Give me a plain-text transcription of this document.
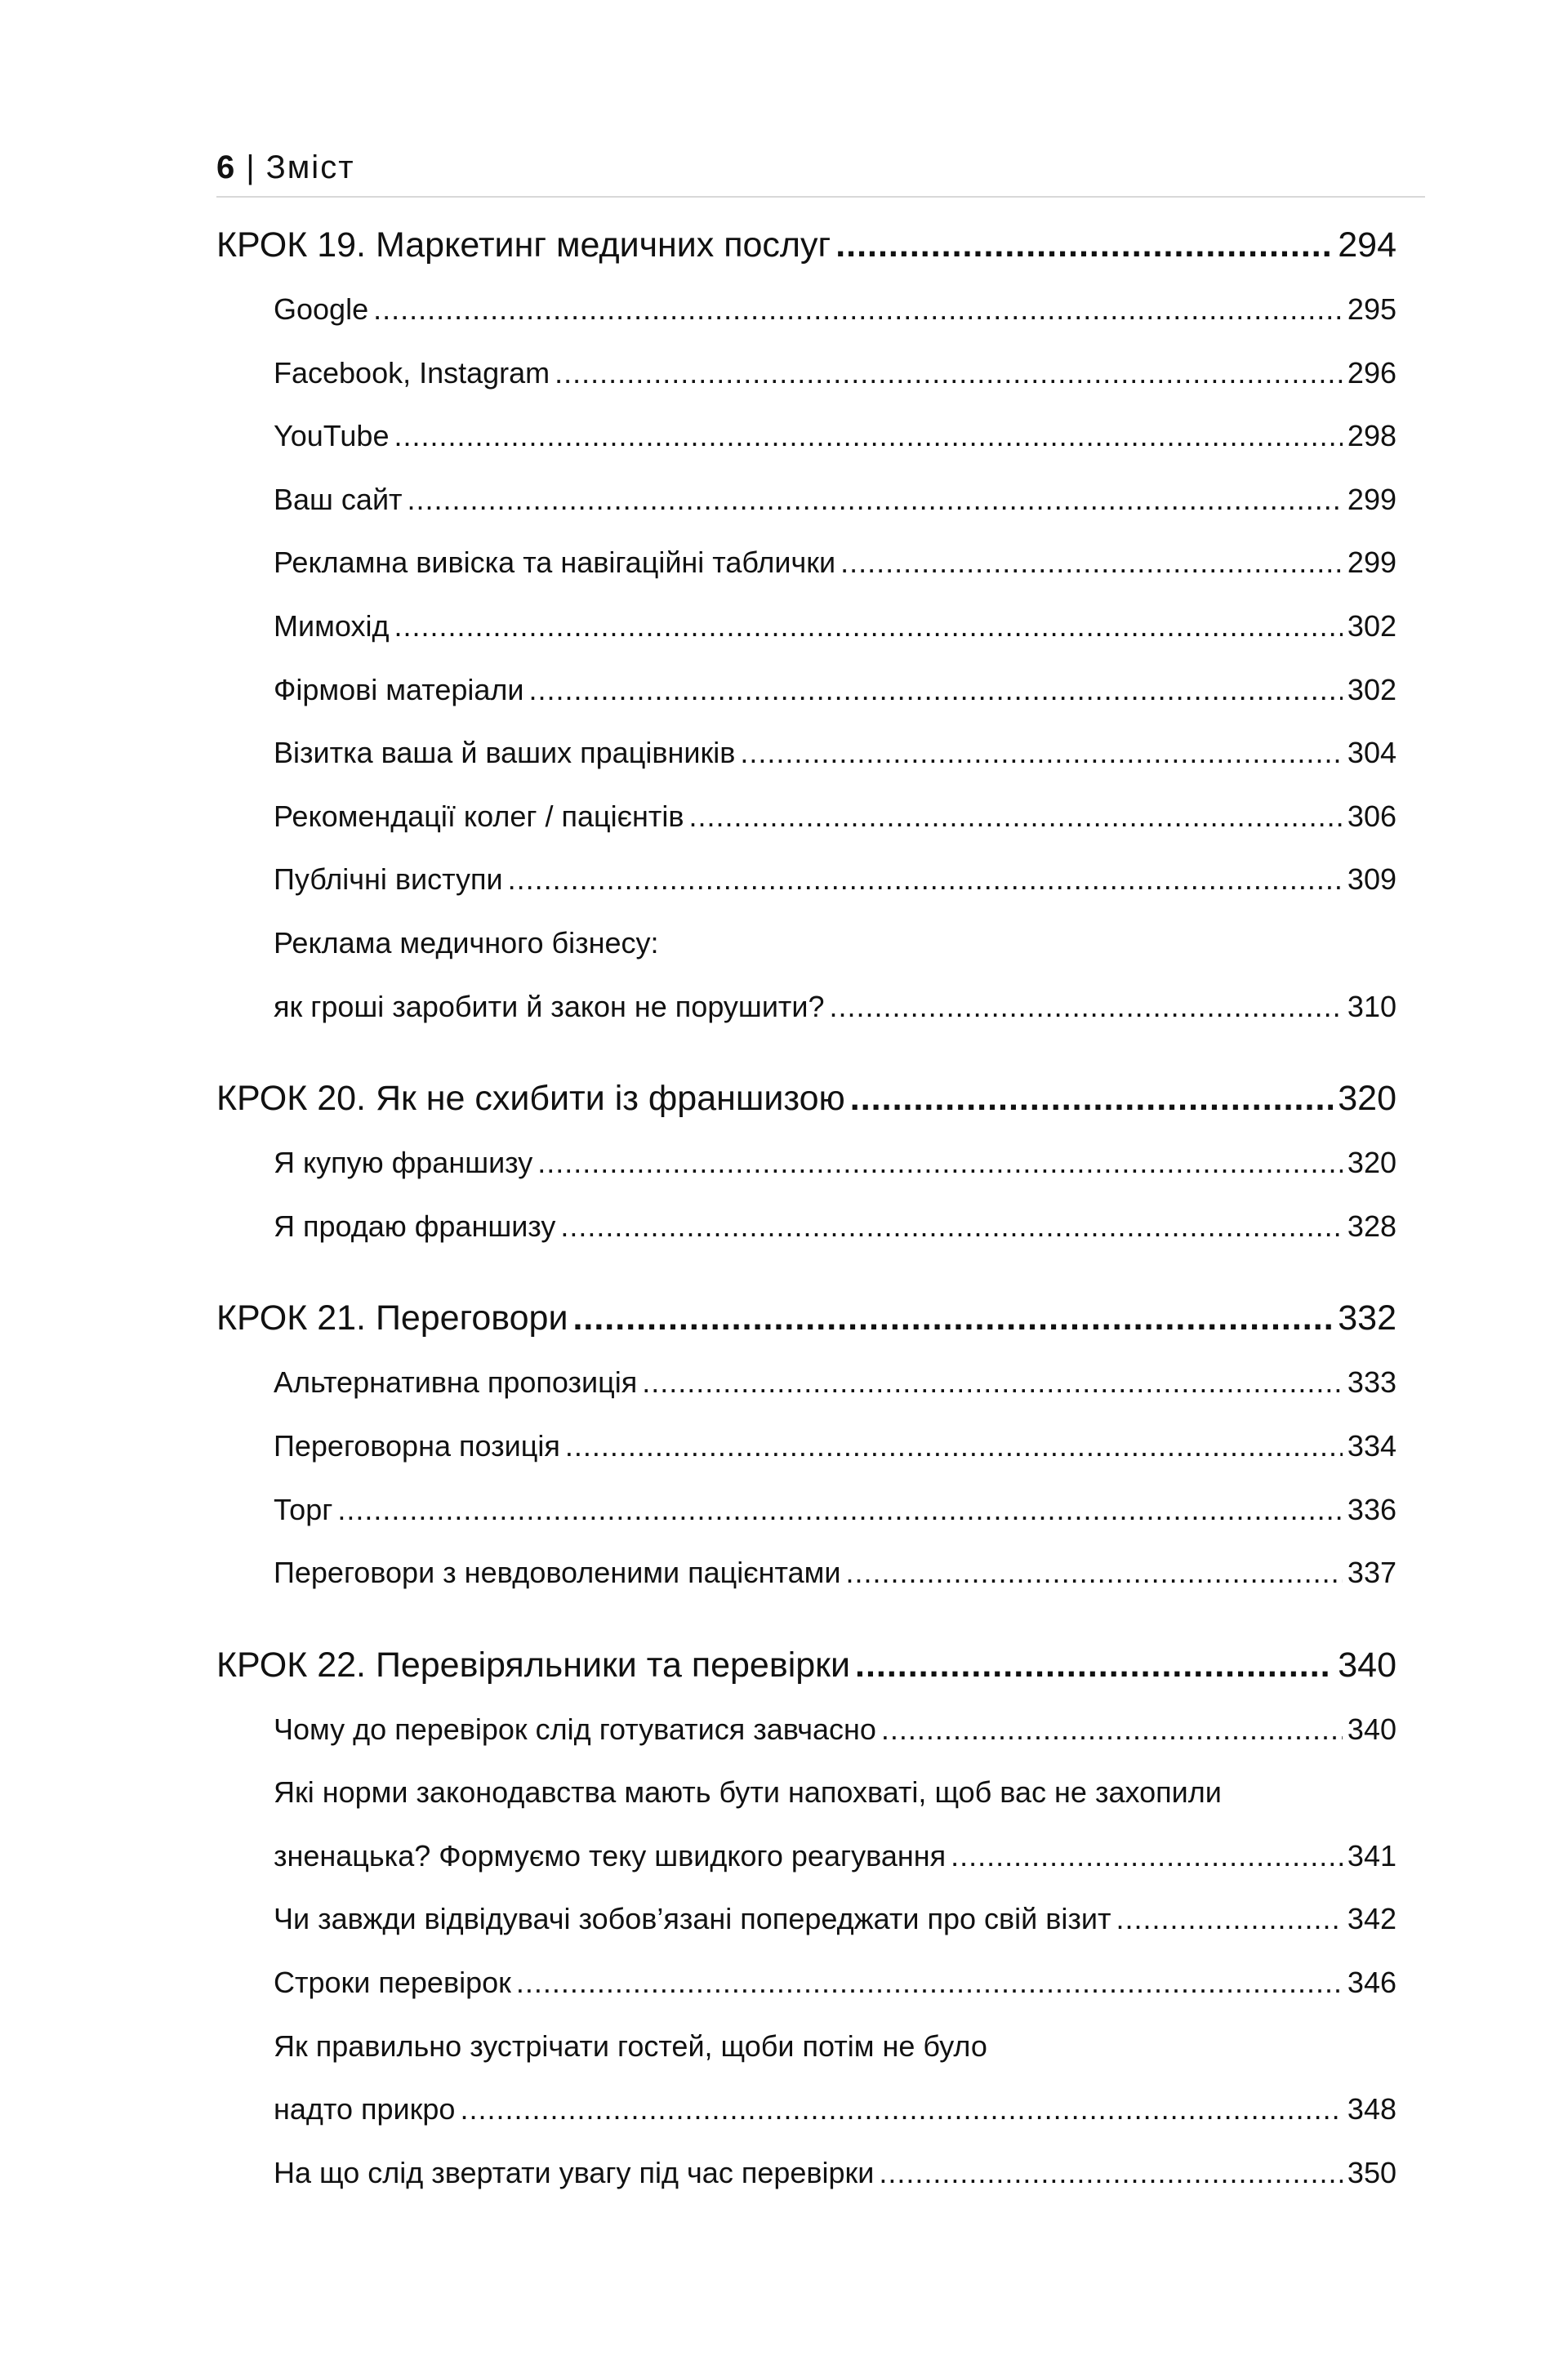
6 | Зміст
КРОК 19. Маркетинг медичних послуг .....	294
Google .....	295
Facebook, Instagram .....	296
YouTube .....	298
Ваш сайт .....	299
Рекламна вивіска та навігаційні таблички .....	299
Мимохід .....	302
Фірмові матеріали .....	302
Візитка ваша й ваших працівників .....	304
Рекомендації колег / пацієнтів .....	306
Публічні виступи .....	309
Реклама медичного бізнесу:
як гроші заробити й закон не порушити? .....	310
КРОК 20. Як не схибити із франшизою .....	320
Я купую франшизу .....	320
Я продаю франшизу .....	328
КРОК 21. Переговори .....	332
Альтернативна пропозиція .....	333
Переговорна позиція .....	334
Торг .....	336
Переговори з невдоволеними пацієнтами .....	337
КРОК 22. Перевіряльники та перевірки .....	340
Чому до перевірок слід готуватися завчасно .....	340
Які норми законодавства мають бути напохваті, щоб вас не захопили
зненацька? Формуємо теку швидкого реагування .....	341
Чи завжди відвідувачі зобов’язані попереджати про свій візит .....	342
Строки перевірок .....	346
Як правильно зустрічати гостей, щоби потім не було
надто прикро .....	348
На що слід звертати увагу під час перевірки .....	350
